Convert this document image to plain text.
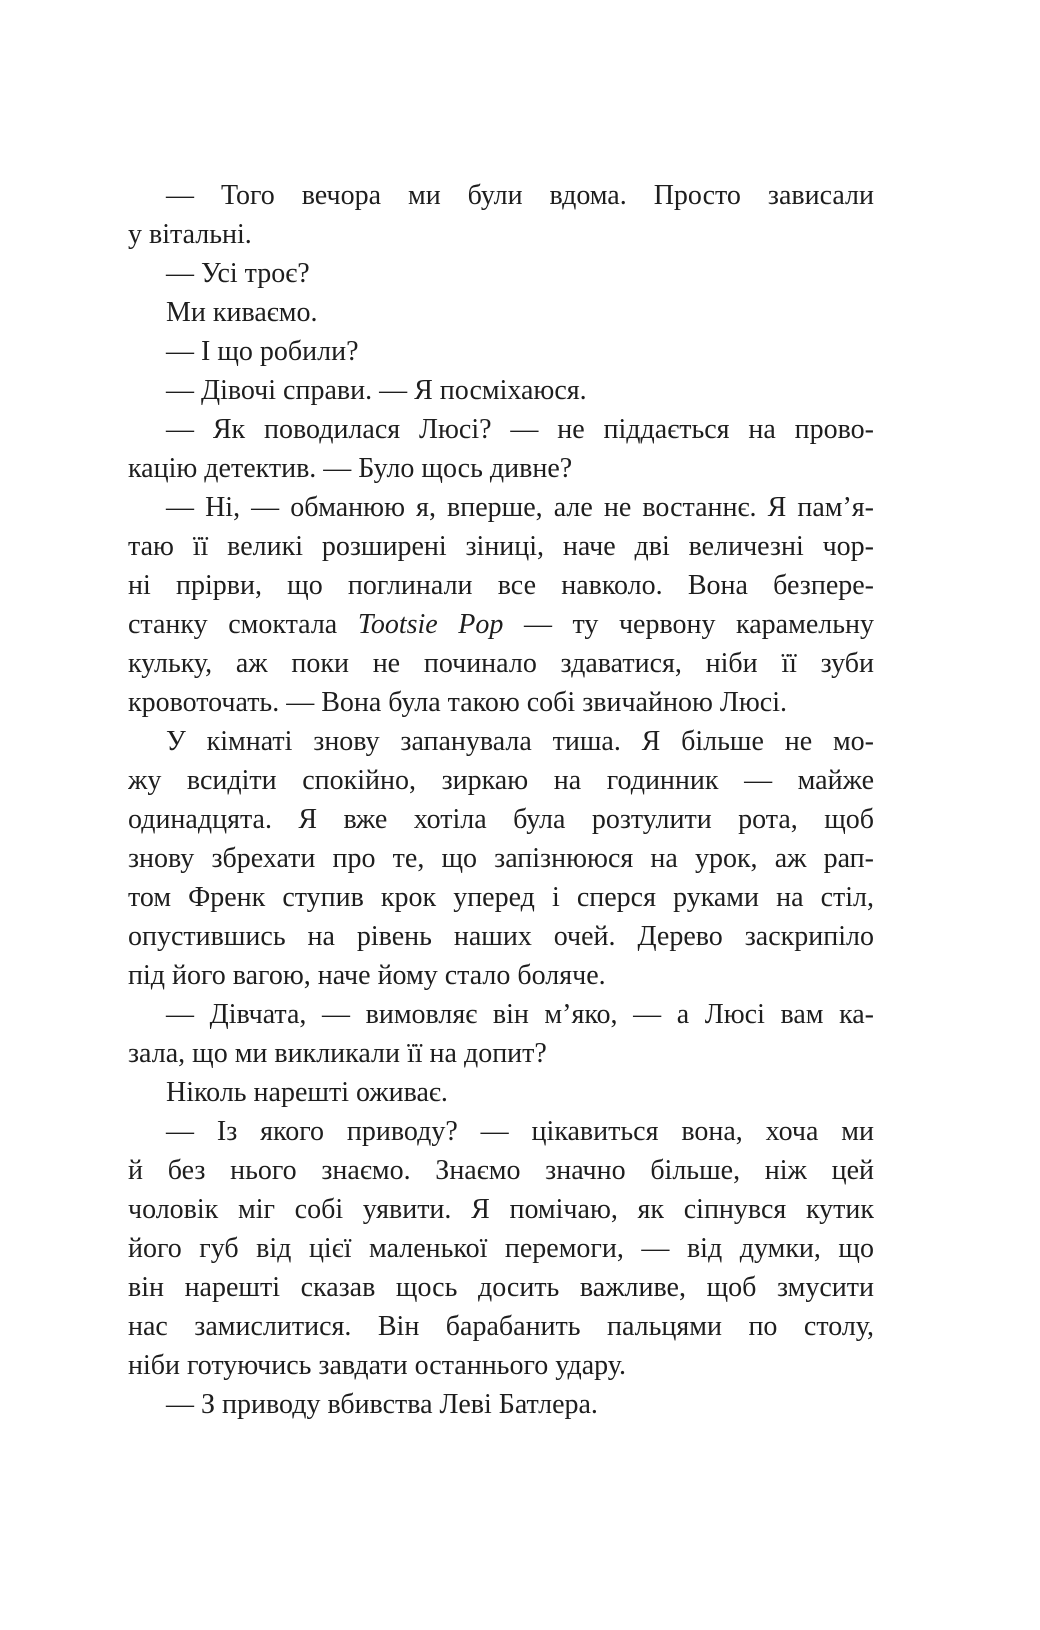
— Того вечора ми були вдома. Просто зависали
у вітальні.
— Усі троє?
Ми киваємо.
— І що робили?
— Дівочі справи. — Я посміхаюся.
— Як поводилася Люсі? — не піддається на прово-
кацію детектив. — Було щось дивне?
— Ні, — обманюю я, вперше, але не востаннє. Я пам’я-
таю її великі розширені зіниці, наче дві величезні чор-
ні прірви, що поглинали все навколо. Вона безпере-
станку смоктала Tootsie Pop — ту червону карамельну
кульку, аж поки не починало здаватися, ніби її зуби
кровоточать. — Вона була такою собі звичайною Люсі.
У кімнаті знову запанувала тиша. Я більше не мо-
жу всидіти спокійно, зиркаю на годинник — майже
одинадцята. Я вже хотіла була розтулити рота, щоб
знову збрехати про те, що запізнююся на урок, аж рап-
том Френк ступив крок уперед і сперся руками на стіл,
опустившись на рівень наших очей. Дерево заскрипіло
під його вагою, наче йому стало боляче.
— Дівчата, — вимовляє він м’яко, — а Люсі вам ка-
зала, що ми викликали її на допит?
Ніколь нарешті оживає.
— Із якого приводу? — цікавиться вона, хоча ми
й без нього знаємо. Знаємо значно більше, ніж цей
чоловік міг собі уявити. Я помічаю, як сіпнувся кутик
його губ від цієї маленької перемоги, — від думки, що
він нарешті сказав щось досить важливе, щоб змусити
нас замислитися. Він барабанить пальцями по столу,
ніби готуючись завдати останнього удару.
— З приводу вбивства Леві Батлера.
